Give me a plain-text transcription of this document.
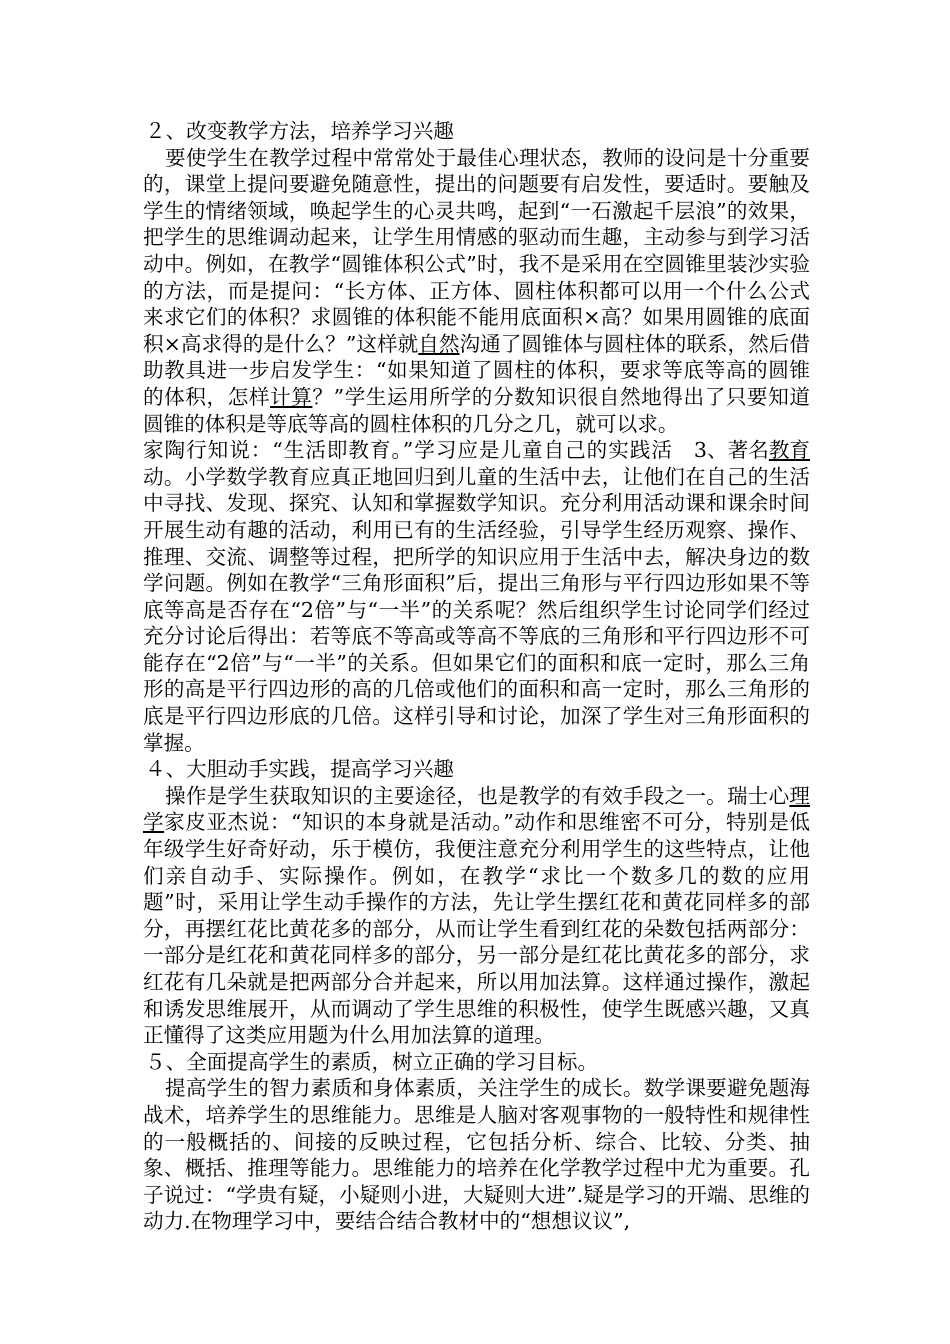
２、改变教学方法，培养学习兴趣

要使学生在教学过程中常常处于最佳心理状态，教师的设问是十分重要的，课堂上提问要避免随意性，提出的问题要有启发性，要适时。要触及学生的情绪领域，唤起学生的心灵共鸣，起到“一石激起千层浪”的效果，把学生的思维调动起来，让学生用情感的驱动而生趣，主动参与到学习活动中。例如，在教学“圆锥体积公式”时，我不是采用在空圆锥里装沙实验的方法，而是提问：“长方体、正方体、圆柱体积都可以用一个什么公式来求它们的体积？求圆锥的体积能不能用底面积×高？如果用圆锥的底面积×高求得的是什么？”这样就自然沟通了圆锥体与圆柱体的联系，然后借助教具进一步启发学生：“如果知道了圆柱的体积，要求等底等高的圆锥的体积，怎样计算？”学生运用所学的分数知识很自然地得出了只要知道圆锥的体积是等底等高的圆柱体积的几分之几，就可以求。
3、著名教育

家陶行知说：“生活即教育。”学习应是儿童自己的实践活动。小学数学教育应真正地回归到儿童的生活中去，让他们在自己的生活中寻找、发现、探究、认知和掌握数学知识。充分利用活动课和课余时间开展生动有趣的活动，利用已有的生活经验，引导学生经历观察、操作、推理、交流、调整等过程，把所学的知识应用于生活中去，解决身边的数学问题。例如在教学“三角形面积”后，提出三角形与平行四边形如果不等底等高是否存在“2倍”与“一半”的关系呢？然后组织学生讨论同学们经过充分讨论后得出：若等底不等高或等高不等底的三角形和平行四边形不可能存在“2倍”与“一半”的关系。但如果它们的面积和底一定时，那么三角形的高是平行四边形的高的几倍或他们的面积和高一定时，那么三角形的底是平行四边形底的几倍。这样引导和讨论，加深了学生对三角形面积的掌握。

４、大胆动手实践，提高学习兴趣

操作是学生获取知识的主要途径，也是教学的有效手段之一。瑞士心理学家皮亚杰说：“知识的本身就是活动。”动作和思维密不可分，特别是低年级学生好奇好动，乐于模仿，我便注意充分利用学生的这些特点，让他们亲自动手、实际操作。例如，在教学“求比一个数多几的数的应用题”时，采用让学生动手操作的方法，先让学生摆红花和黄花同样多的部分，再摆红花比黄花多的部分，从而让学生看到红花的朵数包括两部分：一部分是红花和黄花同样多的部分，另一部分是红花比黄花多的部分，求红花有几朵就是把两部分合并起来，所以用加法算。这样通过操作，激起和诱发思维展开，从而调动了学生思维的积极性，使学生既感兴趣，又真正懂得了这类应用题为什么用加法算的道理。

５、全面提高学生的素质，树立正确的学习目标。

提高学生的智力素质和身体素质，关注学生的成长。数学课要避免题海战术，培养学生的思维能力。思维是人脑对客观事物的一般特性和规律性的一般概括的、间接的反映过程，它包括分析、综合、比较、分类、抽象、概括、推理等能力。思维能力的培养在化学教学过程中尤为重要。孔子说过：“学贵有疑，小疑则小进，大疑则大进”.疑是学习的开端、思维的动力.在物理学习中，要结合结合教材中的“想想议议”,
